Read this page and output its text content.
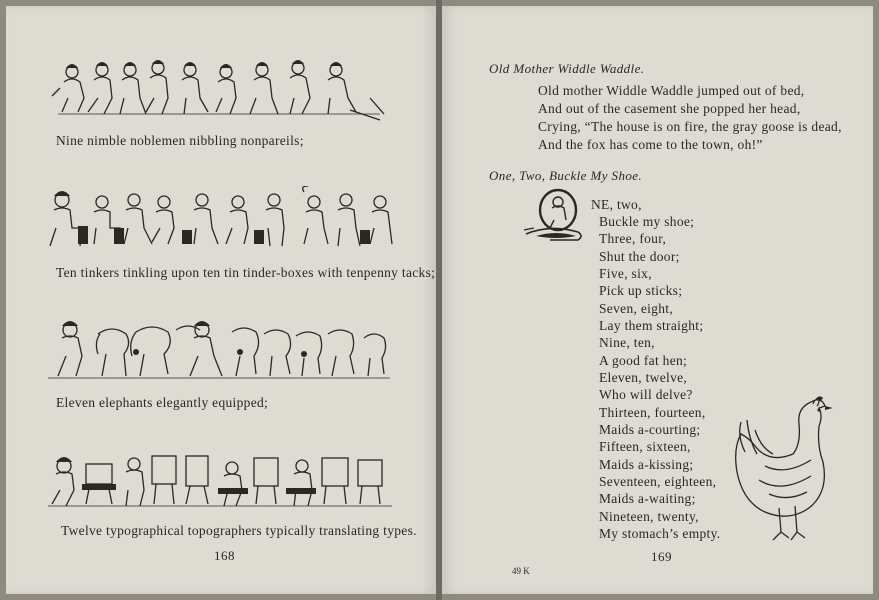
Nine nimble noblemen nibbling nonpareils;
Ten tinkers tinkling upon ten tin tinder-boxes with tenpenny tacks;
Eleven elephants elegantly equipped;
Twelve typographical topographers typically translating types.
168
Old Mother Widdle Waddle.
Old mother Widdle Waddle jumped out of bed,
And out of the casement she popped her head,
Crying, “The house is on fire, the gray goose is dead,
And the fox has come to the town, oh!”
One, Two, Buckle My Shoe.
NE, two,
Buckle my shoe;
Three, four,
Shut the door;
Five, six,
Pick up sticks;
Seven, eight,
Lay them straight;
Nine, ten,
A good fat hen;
Eleven, twelve,
Who will delve?
Thirteen, fourteen,
Maids a-courting;
Fifteen, sixteen,
Maids a-kissing;
Seventeen, eighteen,
Maids a-waiting;
Nineteen, twenty,
My stomach’s empty.
49 K
169
